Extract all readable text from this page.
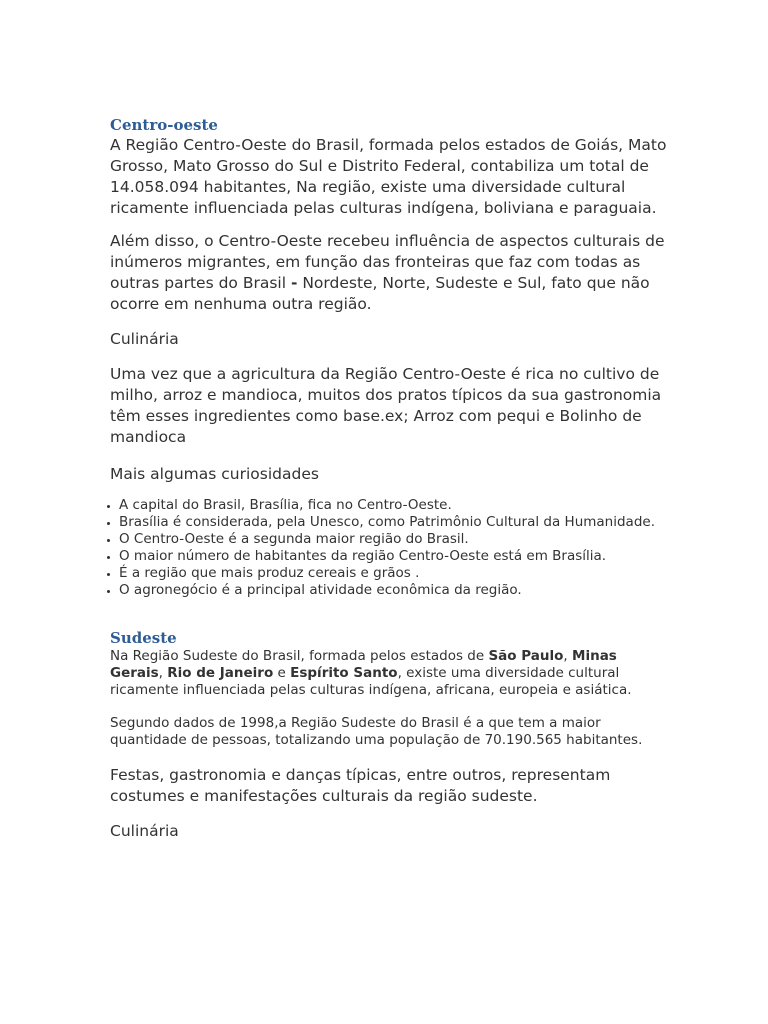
Centro-oeste

A Região Centro-Oeste do Brasil, formada pelos estados de Goiás, Mato Grosso, Mato Grosso do Sul e Distrito Federal, contabiliza um total de 14.058.094 habitantes, Na região, existe uma diversidade cultural ricamente influenciada pelas culturas indígena, boliviana e paraguaia.

Além disso, o Centro-Oeste recebeu influência de aspectos culturais de inúmeros migrantes, em função das fronteiras que faz com todas as outras partes do Brasil - Nordeste, Norte, Sudeste e Sul, fato que não ocorre em nenhuma outra região.

Culinária

Uma vez que a agricultura da Região Centro-Oeste é rica no cultivo de milho, arroz e mandioca, muitos dos pratos típicos da sua gastronomia têm esses ingredientes como base.ex; Arroz com pequi e Bolinho de mandioca

Mais algumas curiosidades

• A capital do Brasil, Brasília, fica no Centro-Oeste.
• Brasília é considerada, pela Unesco, como Patrimônio Cultural da Humanidade.
• O Centro-Oeste é a segunda maior região do Brasil.
• O maior número de habitantes da região Centro-Oeste está em Brasília.
• É a região que mais produz cereais e grãos .
• O agronegócio é a principal atividade econômica da região.
Sudeste

Na Região Sudeste do Brasil, formada pelos estados de São Paulo, Minas Gerais, Rio de Janeiro e Espírito Santo, existe uma diversidade cultural ricamente influenciada pelas culturas indígena, africana, europeia e asiática.

Segundo dados de 1998,a Região Sudeste do Brasil é a que tem a maior quantidade de pessoas, totalizando uma população de 70.190.565 habitantes.

Festas, gastronomia e danças típicas, entre outros, representam costumes e manifestações culturais da região sudeste.

Culinária
